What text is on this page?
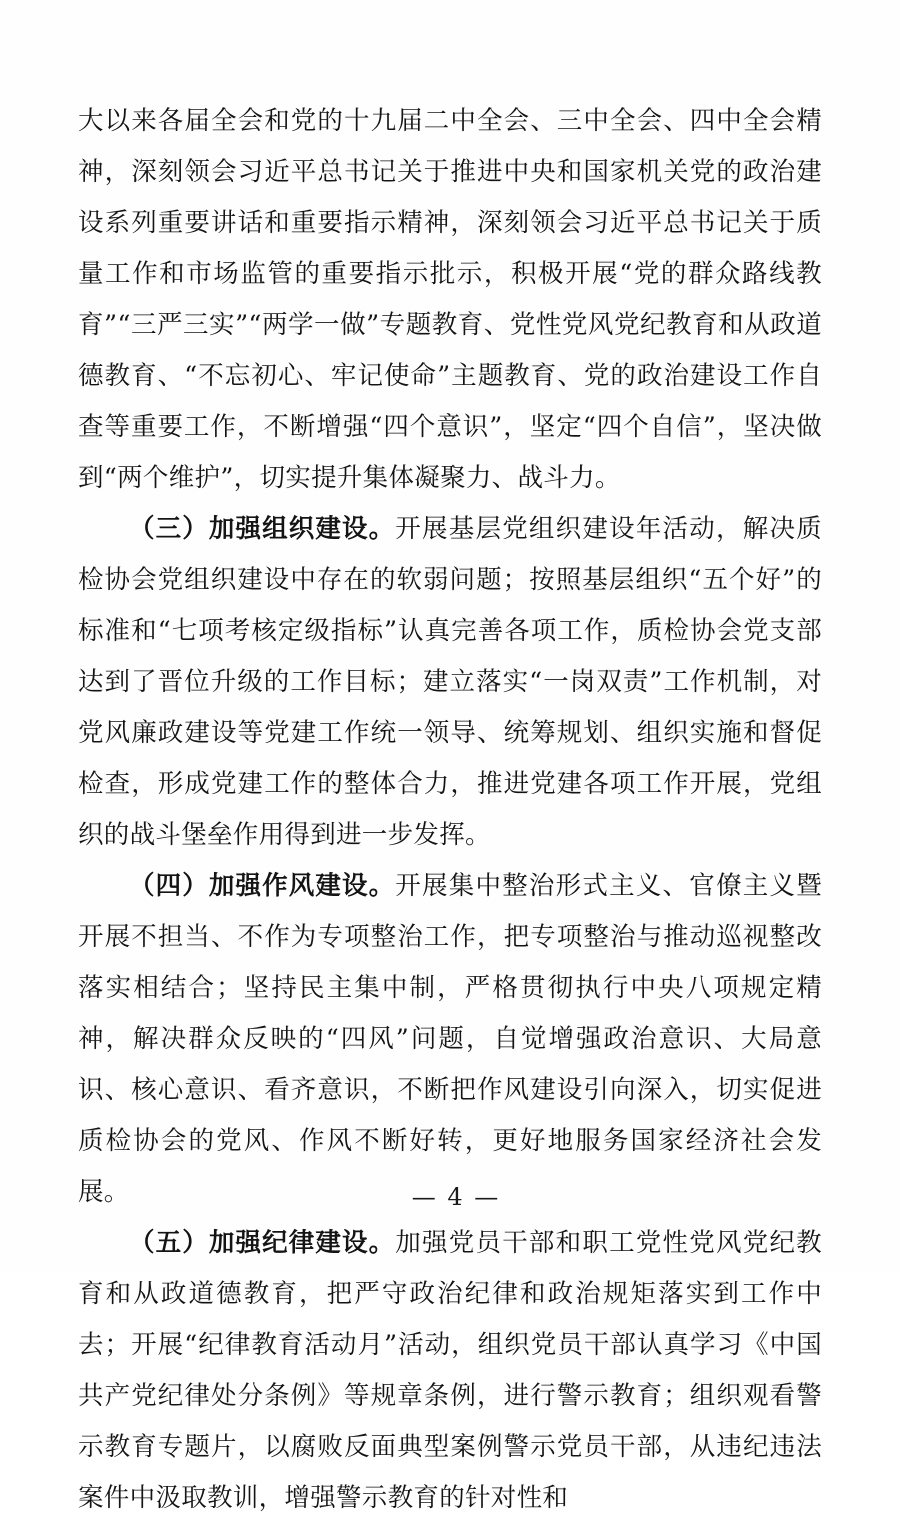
大以来各届全会和党的十九届二中全会、三中全会、四中全会精神，深刻领会习近平总书记关于推进中央和国家机关党的政治建设系列重要讲话和重要指示精神，深刻领会习近平总书记关于质量工作和市场监管的重要指示批示，积极开展“党的群众路线教育”“三严三实”“两学一做”专题教育、党性党风党纪教育和从政道德教育、“不忘初心、牢记使命”主题教育、党的政治建设工作自查等重要工作，不断增强“四个意识”，坚定“四个自信”，坚决做到“两个维护”，切实提升集体凝聚力、战斗力。

（三）加强组织建设。开展基层党组织建设年活动，解决质检协会党组织建设中存在的软弱问题；按照基层组织“五个好”的标准和“七项考核定级指标”认真完善各项工作，质检协会党支部达到了晋位升级的工作目标；建立落实“一岗双责”工作机制，对党风廉政建设等党建工作统一领导、统筹规划、组织实施和督促检查，形成党建工作的整体合力，推进党建各项工作开展，党组织的战斗堡垒作用得到进一步发挥。

（四）加强作风建设。开展集中整治形式主义、官僚主义暨开展不担当、不作为专项整治工作，把专项整治与推动巡视整改落实相结合；坚持民主集中制，严格贯彻执行中央八项规定精神，解决群众反映的“四风”问题，自觉增强政治意识、大局意识、核心意识、看齐意识，不断把作风建设引向深入，切实促进质检协会的党风、作风不断好转，更好地服务国家经济社会发展。

（五）加强纪律建设。加强党员干部和职工党性党风党纪教育和从政道德教育，把严守政治纪律和政治规矩落实到工作中去；开展“纪律教育活动月”活动，组织党员干部认真学习《中国共产党纪律处分条例》等规章条例，进行警示教育；组织观看警示教育专题片，以腐败反面典型案例警示党员干部，从违纪违法案件中汲取教训，增强警示教育的针对性和

— 4 —
